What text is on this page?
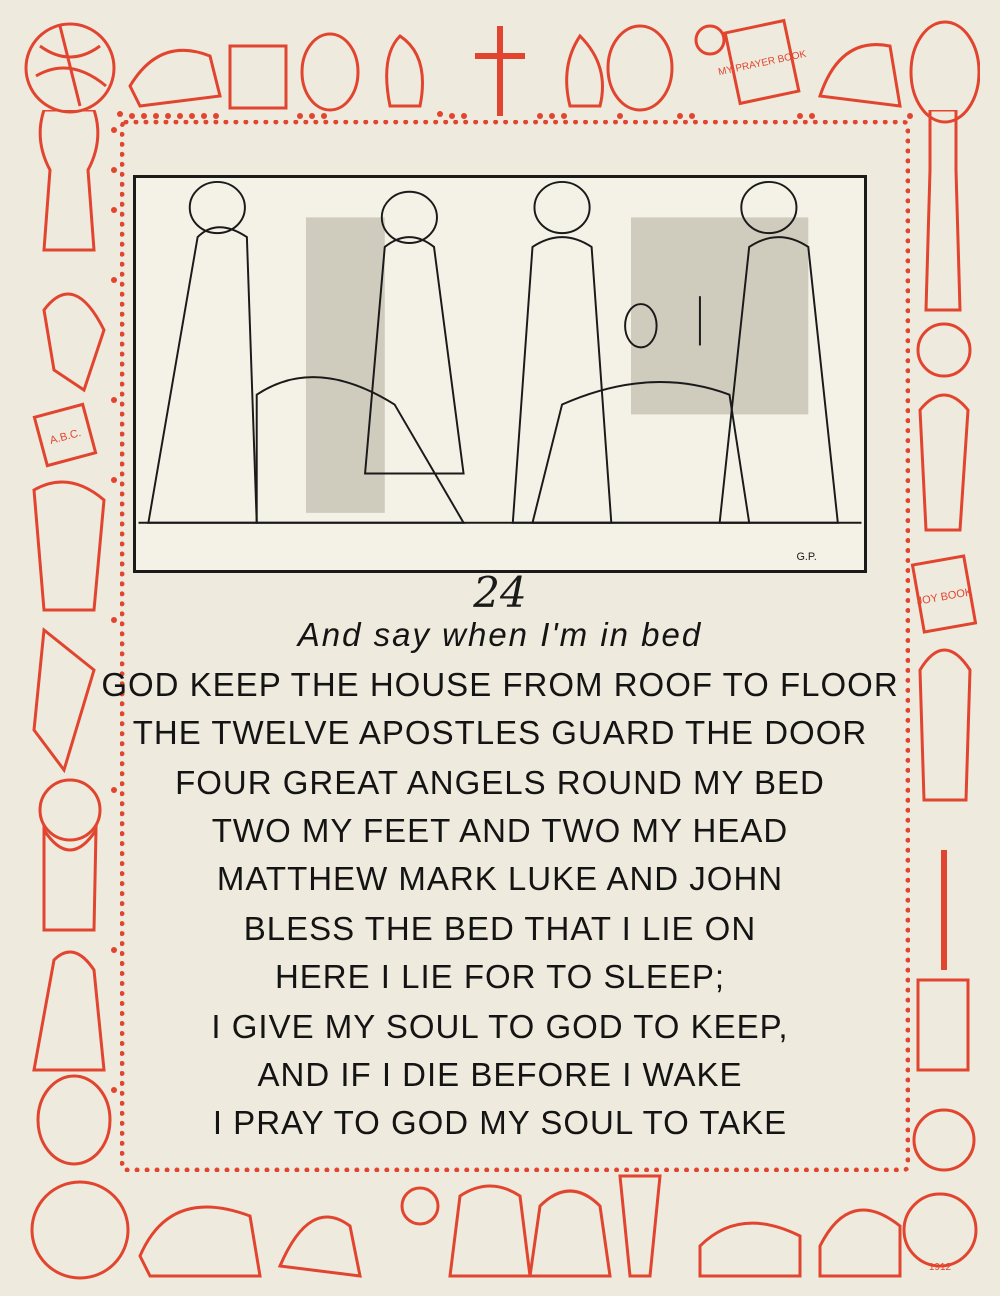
MY PRAYER BOOK
A.B.C.
JOY BOOK
1912
G.P.
24
And say when I'm in bed
GOD KEEP THE HOUSE FROM ROOF TO FLOOR
THE TWELVE APOSTLES GUARD THE DOOR
FOUR GREAT ANGELS ROUND MY BED
TWO MY FEET AND TWO MY HEAD
MATTHEW MARK LUKE AND JOHN
BLESS THE BED THAT I LIE ON
HERE I LIE FOR TO SLEEP;
I GIVE MY SOUL TO GOD TO KEEP,
AND IF I DIE BEFORE I WAKE
I PRAY TO GOD MY SOUL TO TAKE
